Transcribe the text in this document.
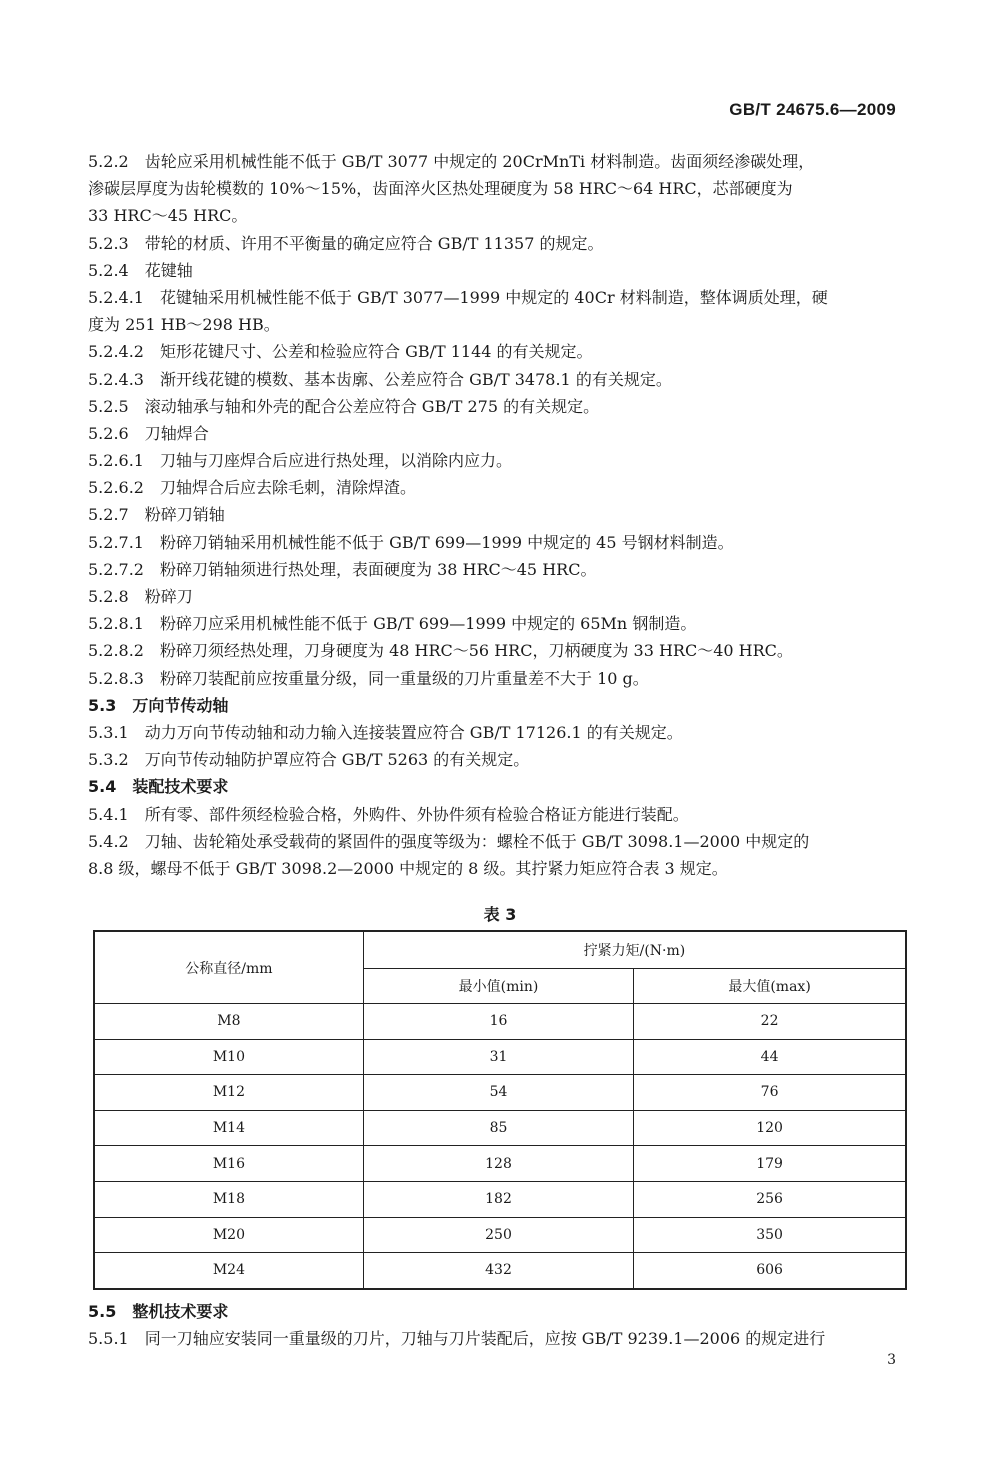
GB/T 24675.6—2009
5.2.2　齿轮应采用机械性能不低于 GB/T 3077 中规定的 20CrMnTi 材料制造。齿面须经渗碳处理，
渗碳层厚度为齿轮模数的 10%～15%，齿面淬火区热处理硬度为 58 HRC～64 HRC，芯部硬度为
33 HRC～45 HRC。
5.2.3　带轮的材质、许用不平衡量的确定应符合 GB/T 11357 的规定。
5.2.4　花键轴
5.2.4.1　花键轴采用机械性能不低于 GB/T 3077—1999 中规定的 40Cr 材料制造，整体调质处理，硬
度为 251 HB～298 HB。
5.2.4.2　矩形花键尺寸、公差和检验应符合 GB/T 1144 的有关规定。
5.2.4.3　渐开线花键的模数、基本齿廓、公差应符合 GB/T 3478.1 的有关规定。
5.2.5　滚动轴承与轴和外壳的配合公差应符合 GB/T 275 的有关规定。
5.2.6　刀轴焊合
5.2.6.1　刀轴与刀座焊合后应进行热处理，以消除内应力。
5.2.6.2　刀轴焊合后应去除毛刺，清除焊渣。
5.2.7　粉碎刀销轴
5.2.7.1　粉碎刀销轴采用机械性能不低于 GB/T 699—1999 中规定的 45 号钢材料制造。
5.2.7.2　粉碎刀销轴须进行热处理，表面硬度为 38 HRC～45 HRC。
5.2.8　粉碎刀
5.2.8.1　粉碎刀应采用机械性能不低于 GB/T 699—1999 中规定的 65Mn 钢制造。
5.2.8.2　粉碎刀须经热处理，刀身硬度为 48 HRC～56 HRC，刀柄硬度为 33 HRC～40 HRC。
5.2.8.3　粉碎刀装配前应按重量分级，同一重量级的刀片重量差不大于 10 g。
5.3　万向节传动轴
5.3.1　动力万向节传动轴和动力输入连接装置应符合 GB/T 17126.1 的有关规定。
5.3.2　万向节传动轴防护罩应符合 GB/T 5263 的有关规定。
5.4　装配技术要求
5.4.1　所有零、部件须经检验合格，外购件、外协件须有检验合格证方能进行装配。
5.4.2　刀轴、齿轮箱处承受载荷的紧固件的强度等级为：螺栓不低于 GB/T 3098.1—2000 中规定的
8.8 级，螺母不低于 GB/T 3098.2—2000 中规定的 8 级。其拧紧力矩应符合表 3 规定。
表 3
公称直径/mm	拧紧力矩/(N·m)	
	最小值(min)	最大值(max)
M8	16	22
M10	31	44
M12	54	76
M14	85	120
M16	128	179
M18	182	256
M20	250	350
M24	432	606
5.5　整机技术要求
5.5.1　同一刀轴应安装同一重量级的刀片，刀轴与刀片装配后，应按 GB/T 9239.1—2006 的规定进行
3
